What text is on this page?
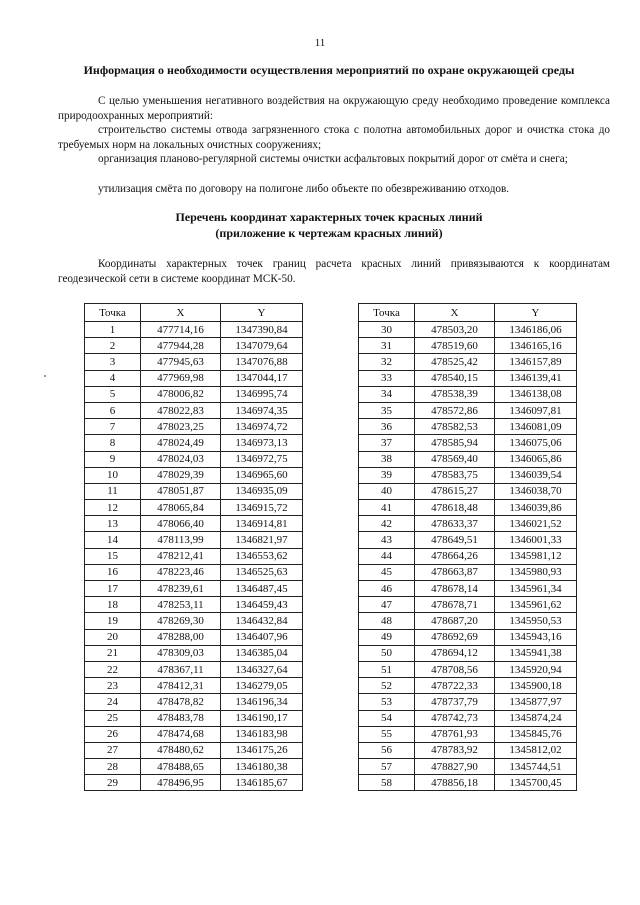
11
Информация о необходимости осуществления мероприятий по охране окружающей среды
С целью уменьшения негативного воздействия на окружающую среду необходимо проведение комплекса природоохранных мероприятий:
строительство системы отвода загрязненного стока с полотна автомобильных дорог и очистка стока до требуемых норм на локальных очистных сооружениях;
организация планово-регулярной системы очистки асфальтовых покрытий дорог от смёта и снега;
утилизация смёта по договору на полигоне либо объекте по обезвреживанию отходов.
Перечень координат характерных точек красных линий
(приложение к чертежам красных линий)
Координаты характерных точек границ расчета красных линий привязываются к координатам геодезической сети в системе координат МСК-50.
Точка	X	Y
1	477714,16	1347390,84
2	477944,28	1347079,64
3	477945,63	1347076,88
4	477969,98	1347044,17
5	478006,82	1346995,74
6	478022,83	1346974,35
7	478023,25	1346974,72
8	478024,49	1346973,13
9	478024,03	1346972,75
10	478029,39	1346965,60
11	478051,87	1346935,09
12	478065,84	1346915,72
13	478066,40	1346914,81
14	478113,99	1346821,97
15	478212,41	1346553,62
16	478223,46	1346525,63
17	478239,61	1346487,45
18	478253,11	1346459,43
19	478269,30	1346432,84
20	478288,00	1346407,96
21	478309,03	1346385,04
22	478367,11	1346327,64
23	478412,31	1346279,05
24	478478,82	1346196,34
25	478483,78	1346190,17
26	478474,68	1346183,98
27	478480,62	1346175,26
28	478488,65	1346180,38
29	478496,95	1346185,67
Точка	X	Y
30	478503,20	1346186,06
31	478519,60	1346165,16
32	478525,42	1346157,89
33	478540,15	1346139,41
34	478538,39	1346138,08
35	478572,86	1346097,81
36	478582,53	1346081,09
37	478585,94	1346075,06
38	478569,40	1346065,86
39	478583,75	1346039,54
40	478615,27	1346038,70
41	478618,48	1346039,86
42	478633,37	1346021,52
43	478649,51	1346001,33
44	478664,26	1345981,12
45	478663,87	1345980,93
46	478678,14	1345961,34
47	478678,71	1345961,62
48	478687,20	1345950,53
49	478692,69	1345943,16
50	478694,12	1345941,38
51	478708,56	1345920,94
52	478722,33	1345900,18
53	478737,79	1345877,97
54	478742,73	1345874,24
55	478761,93	1345845,76
56	478783,92	1345812,02
57	478827,90	1345744,51
58	478856,18	1345700,45
